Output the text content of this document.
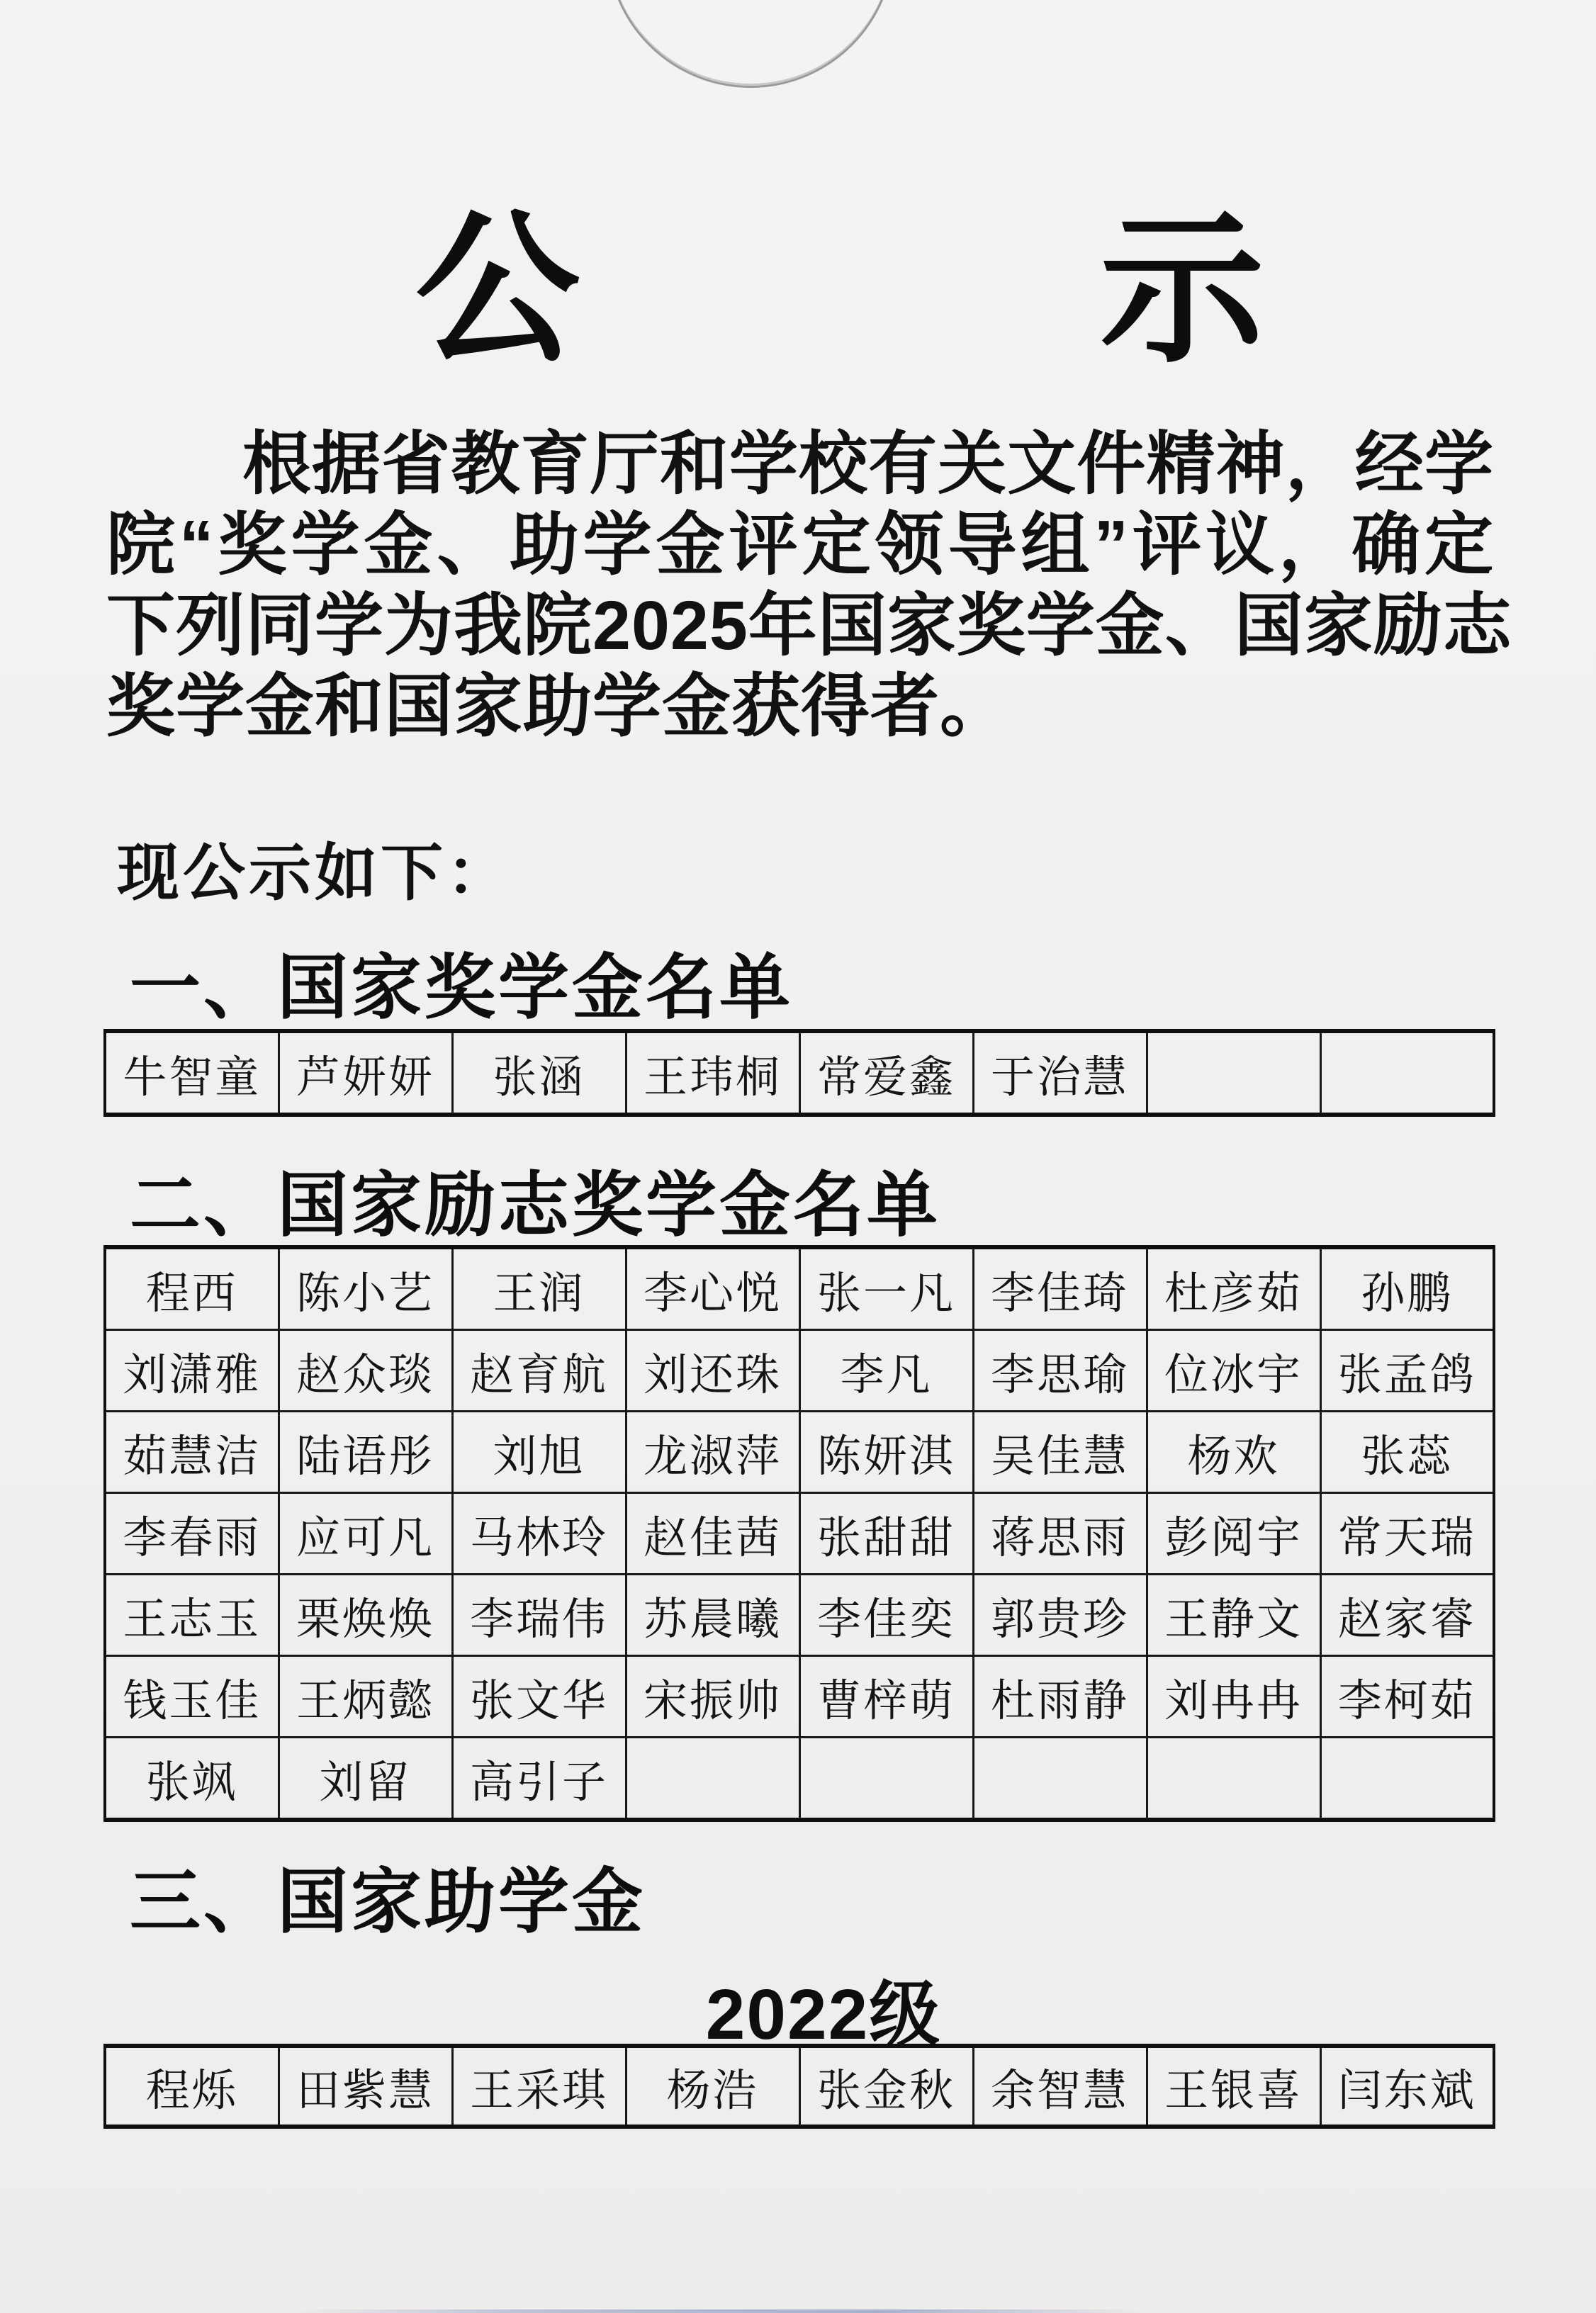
公	示
根据省教育厅和学校有关文件精神，经学
院“奖学金、助学金评定领导组”评议，确定
下列同学为我院2025年国家奖学金、国家励志
奖学金和国家助学金获得者。
现公示如下：
一、国家奖学金名单
牛智童	芦妍妍	张涵	王玮桐	常爱鑫	于治慧		
二、国家励志奖学金名单
程西	陈小艺	王润	李心悦	张一凡	李佳琦	杜彦茹	孙鹏
刘潇雅	赵众琰	赵育航	刘还珠	李凡	李思瑜	位冰宇	张孟鸽
茹慧洁	陆语彤	刘旭	龙淑萍	陈妍淇	吴佳慧	杨欢	张蕊
李春雨	应可凡	马林玲	赵佳茜	张甜甜	蒋思雨	彭阅宇	常天瑞
王志玉	栗焕焕	李瑞伟	苏晨曦	李佳奕	郭贵珍	王静文	赵家睿
钱玉佳	王炳懿	张文华	宋振帅	曹梓萌	杜雨静	刘冉冉	李柯茹
张飒	刘留	高引子					
三、国家助学金
2022级
程烁	田紫慧	王采琪	杨浩	张金秋	余智慧	王银喜	闫东斌
